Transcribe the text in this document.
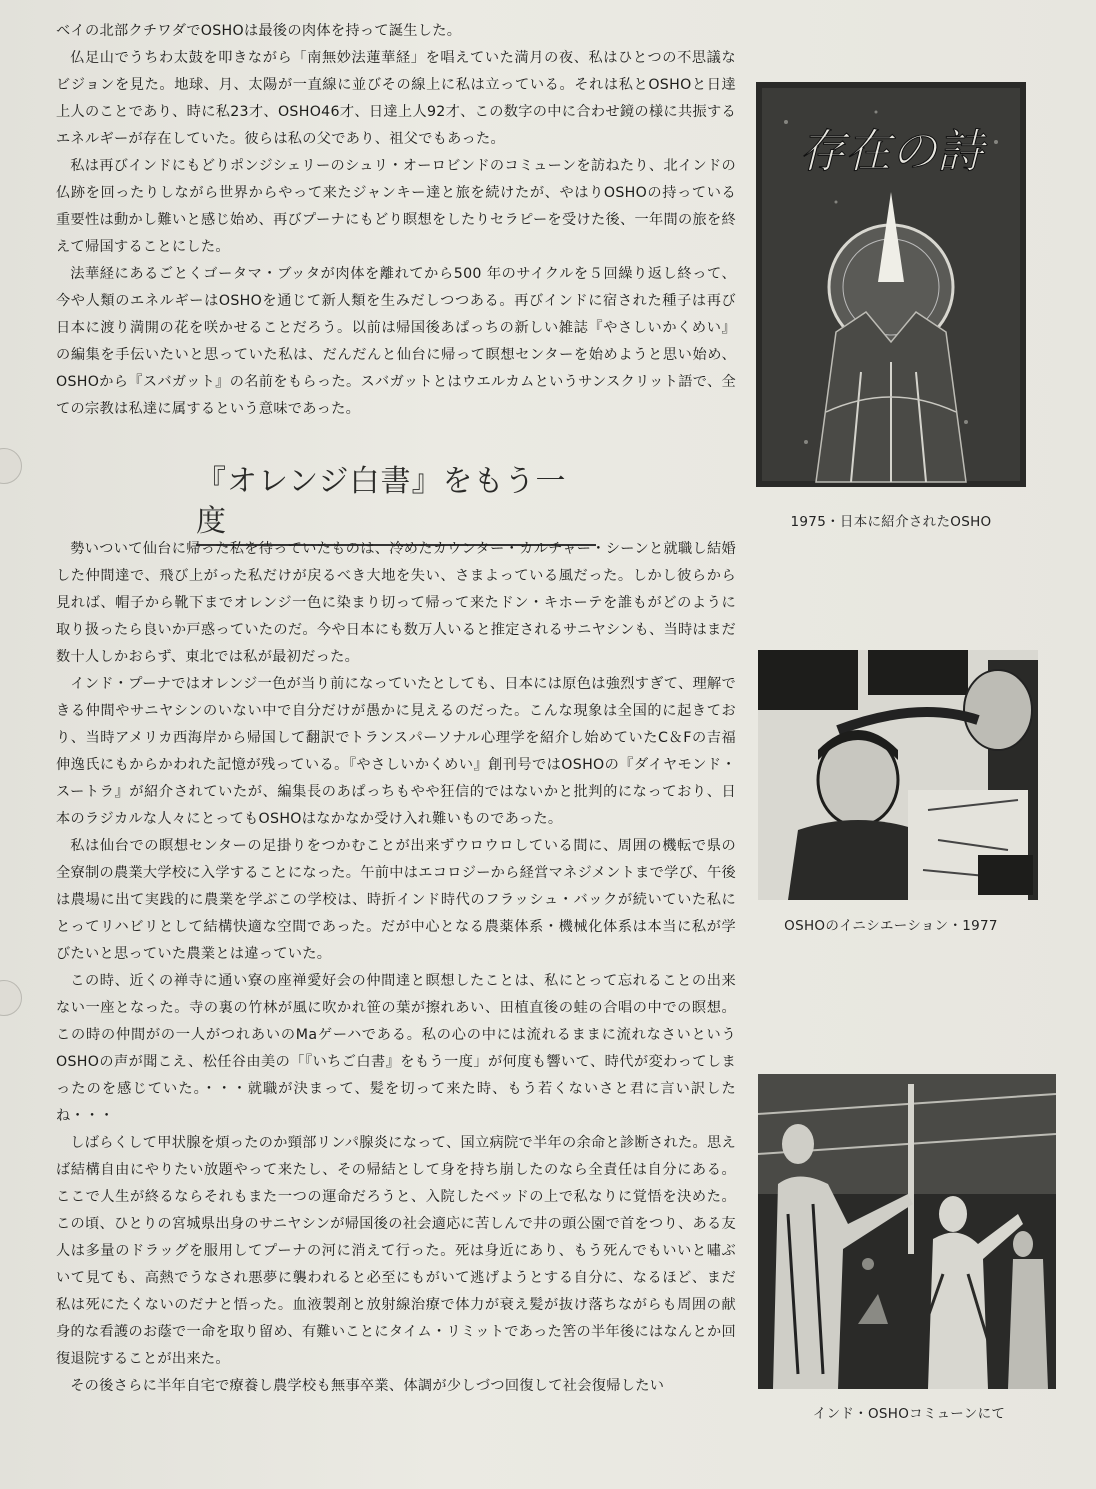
ベイの北部クチワダでOSHOは最後の肉体を持って誕生した。

仏足山でうちわ太鼓を叩きながら「南無妙法蓮華経」を唱えていた満月の夜、私はひとつの不思議なビジョンを見た。地球、月、太陽が一直線に並びその線上に私は立っている。それは私とOSHOと日達上人のことであり、時に私23才、OSHO46才、日達上人92才、この数字の中に合わせ鏡の様に共振するエネルギーが存在していた。彼らは私の父であり、祖父でもあった。

私は再びインドにもどりポンジシェリーのシュリ・オーロビンドのコミューンを訪ねたり、北インドの仏跡を回ったりしながら世界からやって来たジャンキー達と旅を続けたが、やはりOSHOの持っている重要性は動かし難いと感じ始め、再びプーナにもどり瞑想をしたりセラピーを受けた後、一年間の旅を終えて帰国することにした。

法華経にあるごとくゴータマ・ブッタが肉体を離れてから500 年のサイクルを５回繰り返し終って、今や人類のエネルギーはOSHOを通じて新人類を生みだしつつある。再びインドに宿された種子は再び日本に渡り満開の花を咲かせることだろう。以前は帰国後あぱっちの新しい雑誌『やさしいかくめい』の編集を手伝いたいと思っていた私は、だんだんと仙台に帰って瞑想センターを始めようと思い始め、OSHOから『スバガット』の名前をもらった。スバガットとはウエルカムというサンスクリット語で、全ての宗教は私達に属するという意味であった。

『オレンジ白書』をもう一度

勢いついて仙台に帰った私を待っていたものは、冷めたカウンター・カルチャー・シーンと就職し結婚した仲間達で、飛び上がった私だけが戻るべき大地を失い、さまよっている風だった。しかし彼らから見れば、帽子から靴下までオレンジ一色に染まり切って帰って来たドン・キホーテを誰もがどのように取り扱ったら良いか戸惑っていたのだ。今や日本にも数万人いると推定されるサニヤシンも、当時はまだ数十人しかおらず、東北では私が最初だった。

インド・プーナではオレンジ一色が当り前になっていたとしても、日本には原色は強烈すぎて、理解できる仲間やサニヤシンのいない中で自分だけが愚かに見えるのだった。こんな現象は全国的に起きており、当時アメリカ西海岸から帰国して翻訳でトランスパーソナル心理学を紹介し始めていたC＆Fの吉福伸逸氏にもからかわれた記憶が残っている。『やさしいかくめい』創刊号ではOSHOの『ダイヤモンド・スートラ』が紹介されていたが、編集長のあぱっちもやや狂信的ではないかと批判的になっており、日本のラジカルな人々にとってもOSHOはなかなか受け入れ難いものであった。

私は仙台での瞑想センターの足掛りをつかむことが出来ずウロウロしている間に、周囲の機転で県の全寮制の農業大学校に入学することになった。午前中はエコロジーから経営マネジメントまで学び、午後は農場に出て実践的に農業を学ぶこの学校は、時折インド時代のフラッシュ・バックが続いていた私にとってリハビリとして結構快適な空間であった。だが中心となる農薬体系・機械化体系は本当に私が学びたいと思っていた農業とは違っていた。

この時、近くの禅寺に通い寮の座禅愛好会の仲間達と瞑想したことは、私にとって忘れることの出来ない一座となった。寺の裏の竹林が風に吹かれ笹の葉が擦れあい、田植直後の蛙の合唱の中での瞑想。この時の仲間がの一人がつれあいのMaゲーハである。私の心の中には流れるままに流れなさいというOSHOの声が聞こえ、松任谷由美の「『いちご白書』をもう一度」が何度も響いて、時代が変わってしまったのを感じていた。・・・就職が決まって、髪を切って来た時、もう若くないさと君に言い訳したね・・・

しばらくして甲状腺を煩ったのか頸部リンパ腺炎になって、国立病院で半年の余命と診断された。思えば結構自由にやりたい放題やって来たし、その帰結として身を持ち崩したのなら全責任は自分にある。ここで人生が終るならそれもまた一つの運命だろうと、入院したベッドの上で私なりに覚悟を決めた。この頃、ひとりの宮城県出身のサニヤシンが帰国後の社会適応に苦しんで井の頭公園で首をつり、ある友人は多量のドラッグを服用してプーナの河に消えて行った。死は身近にあり、もう死んでもいいと嘯ぶいて見ても、高熱でうなされ悪夢に襲われると必至にもがいて逃げようとする自分に、なるほど、まだ私は死にたくないのだナと悟った。血液製剤と放射線治療で体力が衰え髪が抜け落ちながらも周囲の献身的な看護のお蔭で一命を取り留め、有難いことにタイム・リミットであった筈の半年後にはなんとか回復退院することが出来た。

その後さらに半年自宅で療養し農学校も無事卒業、体調が少しづつ回復して社会復帰したい

存在の詩
1975・日本に紹介されたOSHO
OSHOのイニシエーション・1977
インド・OSHOコミューンにて
